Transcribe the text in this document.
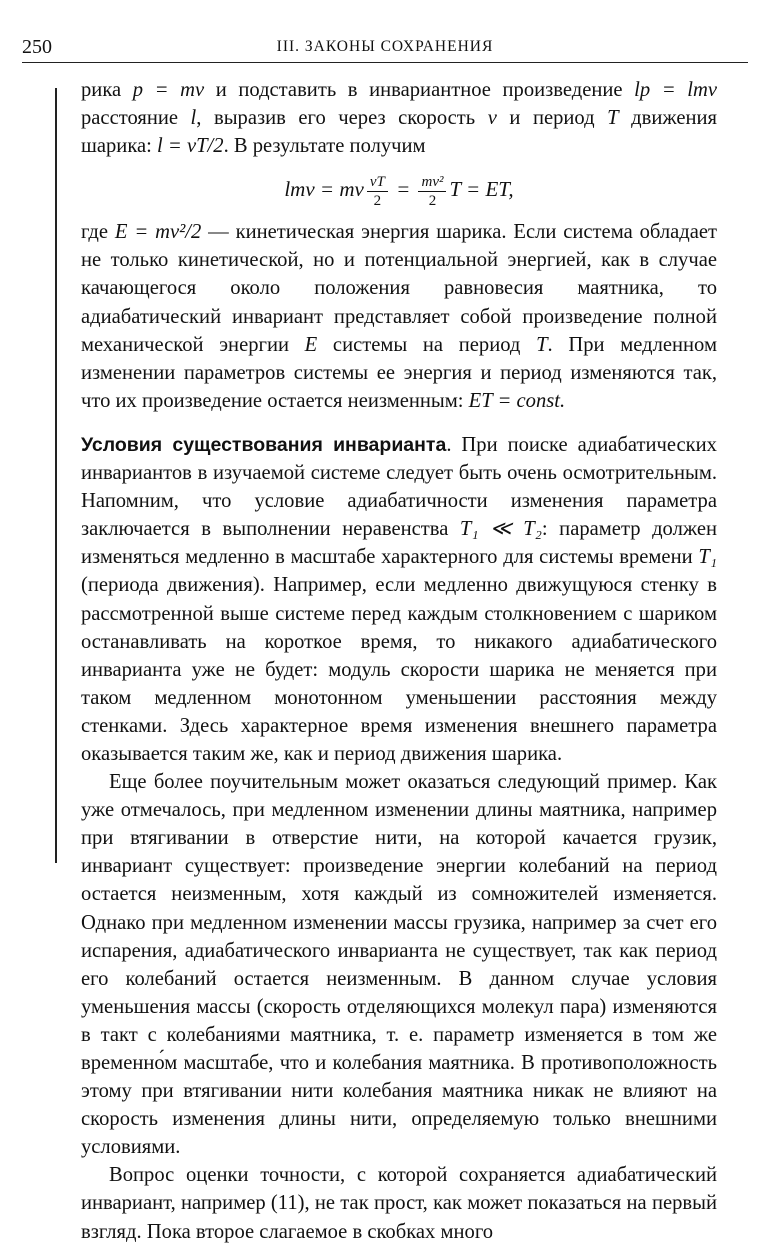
250	III. ЗАКОНЫ СОХРАНЕНИЯ

рика p = mv и подставить в инвариантное произведение lp = lmv расстояние l, выразив его через скорость v и период T движения шарика: l = vT/2. В результате получим

lmv = mv $\frac{vT}{2} = \frac{\text{mv²}}{2}$ T = ET,

где E = mv²/2 — кинетическая энергия шарика. Если система обладает не только кинетической, но и потенциальной энергией, как в случае качающегося около положения равновесия маятника, то адиабатический инвариант представляет собой произведение полной механической энергии E системы на период T. При медленном изменении параметров системы ее энергия и период изменяются так, что их произведение остается неизменным: ET = const.

Условия существования инварианта. При поиске адиабатических инвариантов в изучаемой системе следует быть очень осмотрительным. Напомним, что условие адиабатичности изменения параметра заключается в выполнении неравенства T₁ ≪ T₂: параметр должен изменяться медленно в масштабе характерного для системы времени T₁ (периода движения). Например, если медленно движущуюся стенку в рассмотренной выше системе перед каждым столкновением с шариком останавливать на короткое время, то никакого адиабатического инварианта уже не будет: модуль скорости шарика не меняется при таком медленном монотонном уменьшении расстояния между стенками. Здесь характерное время изменения внешнего параметра оказывается таким же, как и период движения шарика.

Еще более поучительным может оказаться следующий пример. Как уже отмечалось, при медленном изменении длины маятника, например при втягивании в отверстие нити, на которой качается грузик, инвариант существует: произведение энергии колебаний на период остается неизменным, хотя каждый из сомножителей изменяется. Однако при медленном изменении массы грузика, например за счет его испарения, адиабатического инварианта не существует, так как период его колебаний остается неизменным. В данном случае условия уменьшения массы (скорость отделяющихся молекул пара) изменяются в такт с колебаниями маятника, т. е. параметр изменяется в том же временно́м масштабе, что и колебания маятника. В противоположность этому при втягивании нити колебания маятника никак не влияют на скорость изменения длины нити, определяемую только внешними условиями.

Вопрос оценки точности, с которой сохраняется адиабатический инвариант, например (11), не так прост, как может показаться на первый взгляд. Пока второе слагаемое в скобках много
